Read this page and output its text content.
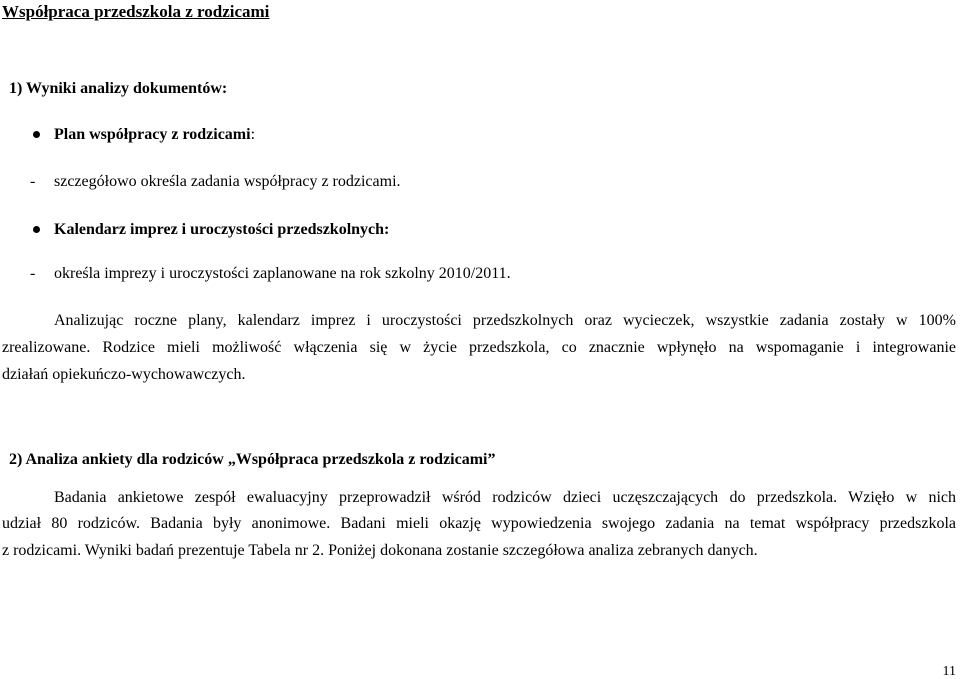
Współpraca przedszkola z rodzicami
1) Wyniki analizy dokumentów:
Plan współpracy z rodzicami:
- szczegółowo określa zadania współpracy z rodzicami.
Kalendarz imprez i uroczystości przedszkolnych:
- określa imprezy i uroczystości zaplanowane na rok szkolny 2010/2011.
Analizując roczne plany, kalendarz imprez i uroczystości przedszkolnych oraz wycieczek, wszystkie zadania zostały w 100%
zrealizowane. Rodzice mieli możliwość włączenia się w życie przedszkola, co znacznie wpłynęło na wspomaganie i integrowanie
działań opiekuńczo-wychowawczych.
2) Analiza ankiety dla rodziców „Współpraca przedszkola z rodzicami”
Badania ankietowe zespół ewaluacyjny przeprowadził wśród rodziców dzieci uczęszczających do przedszkola. Wzięło w nich
udział 80 rodziców. Badania były anonimowe. Badani mieli okazję wypowiedzenia swojego zadania na temat współpracy przedszkola
z rodzicami. Wyniki badań prezentuje Tabela nr 2. Poniżej dokonana zostanie szczegółowa analiza zebranych danych.
11
